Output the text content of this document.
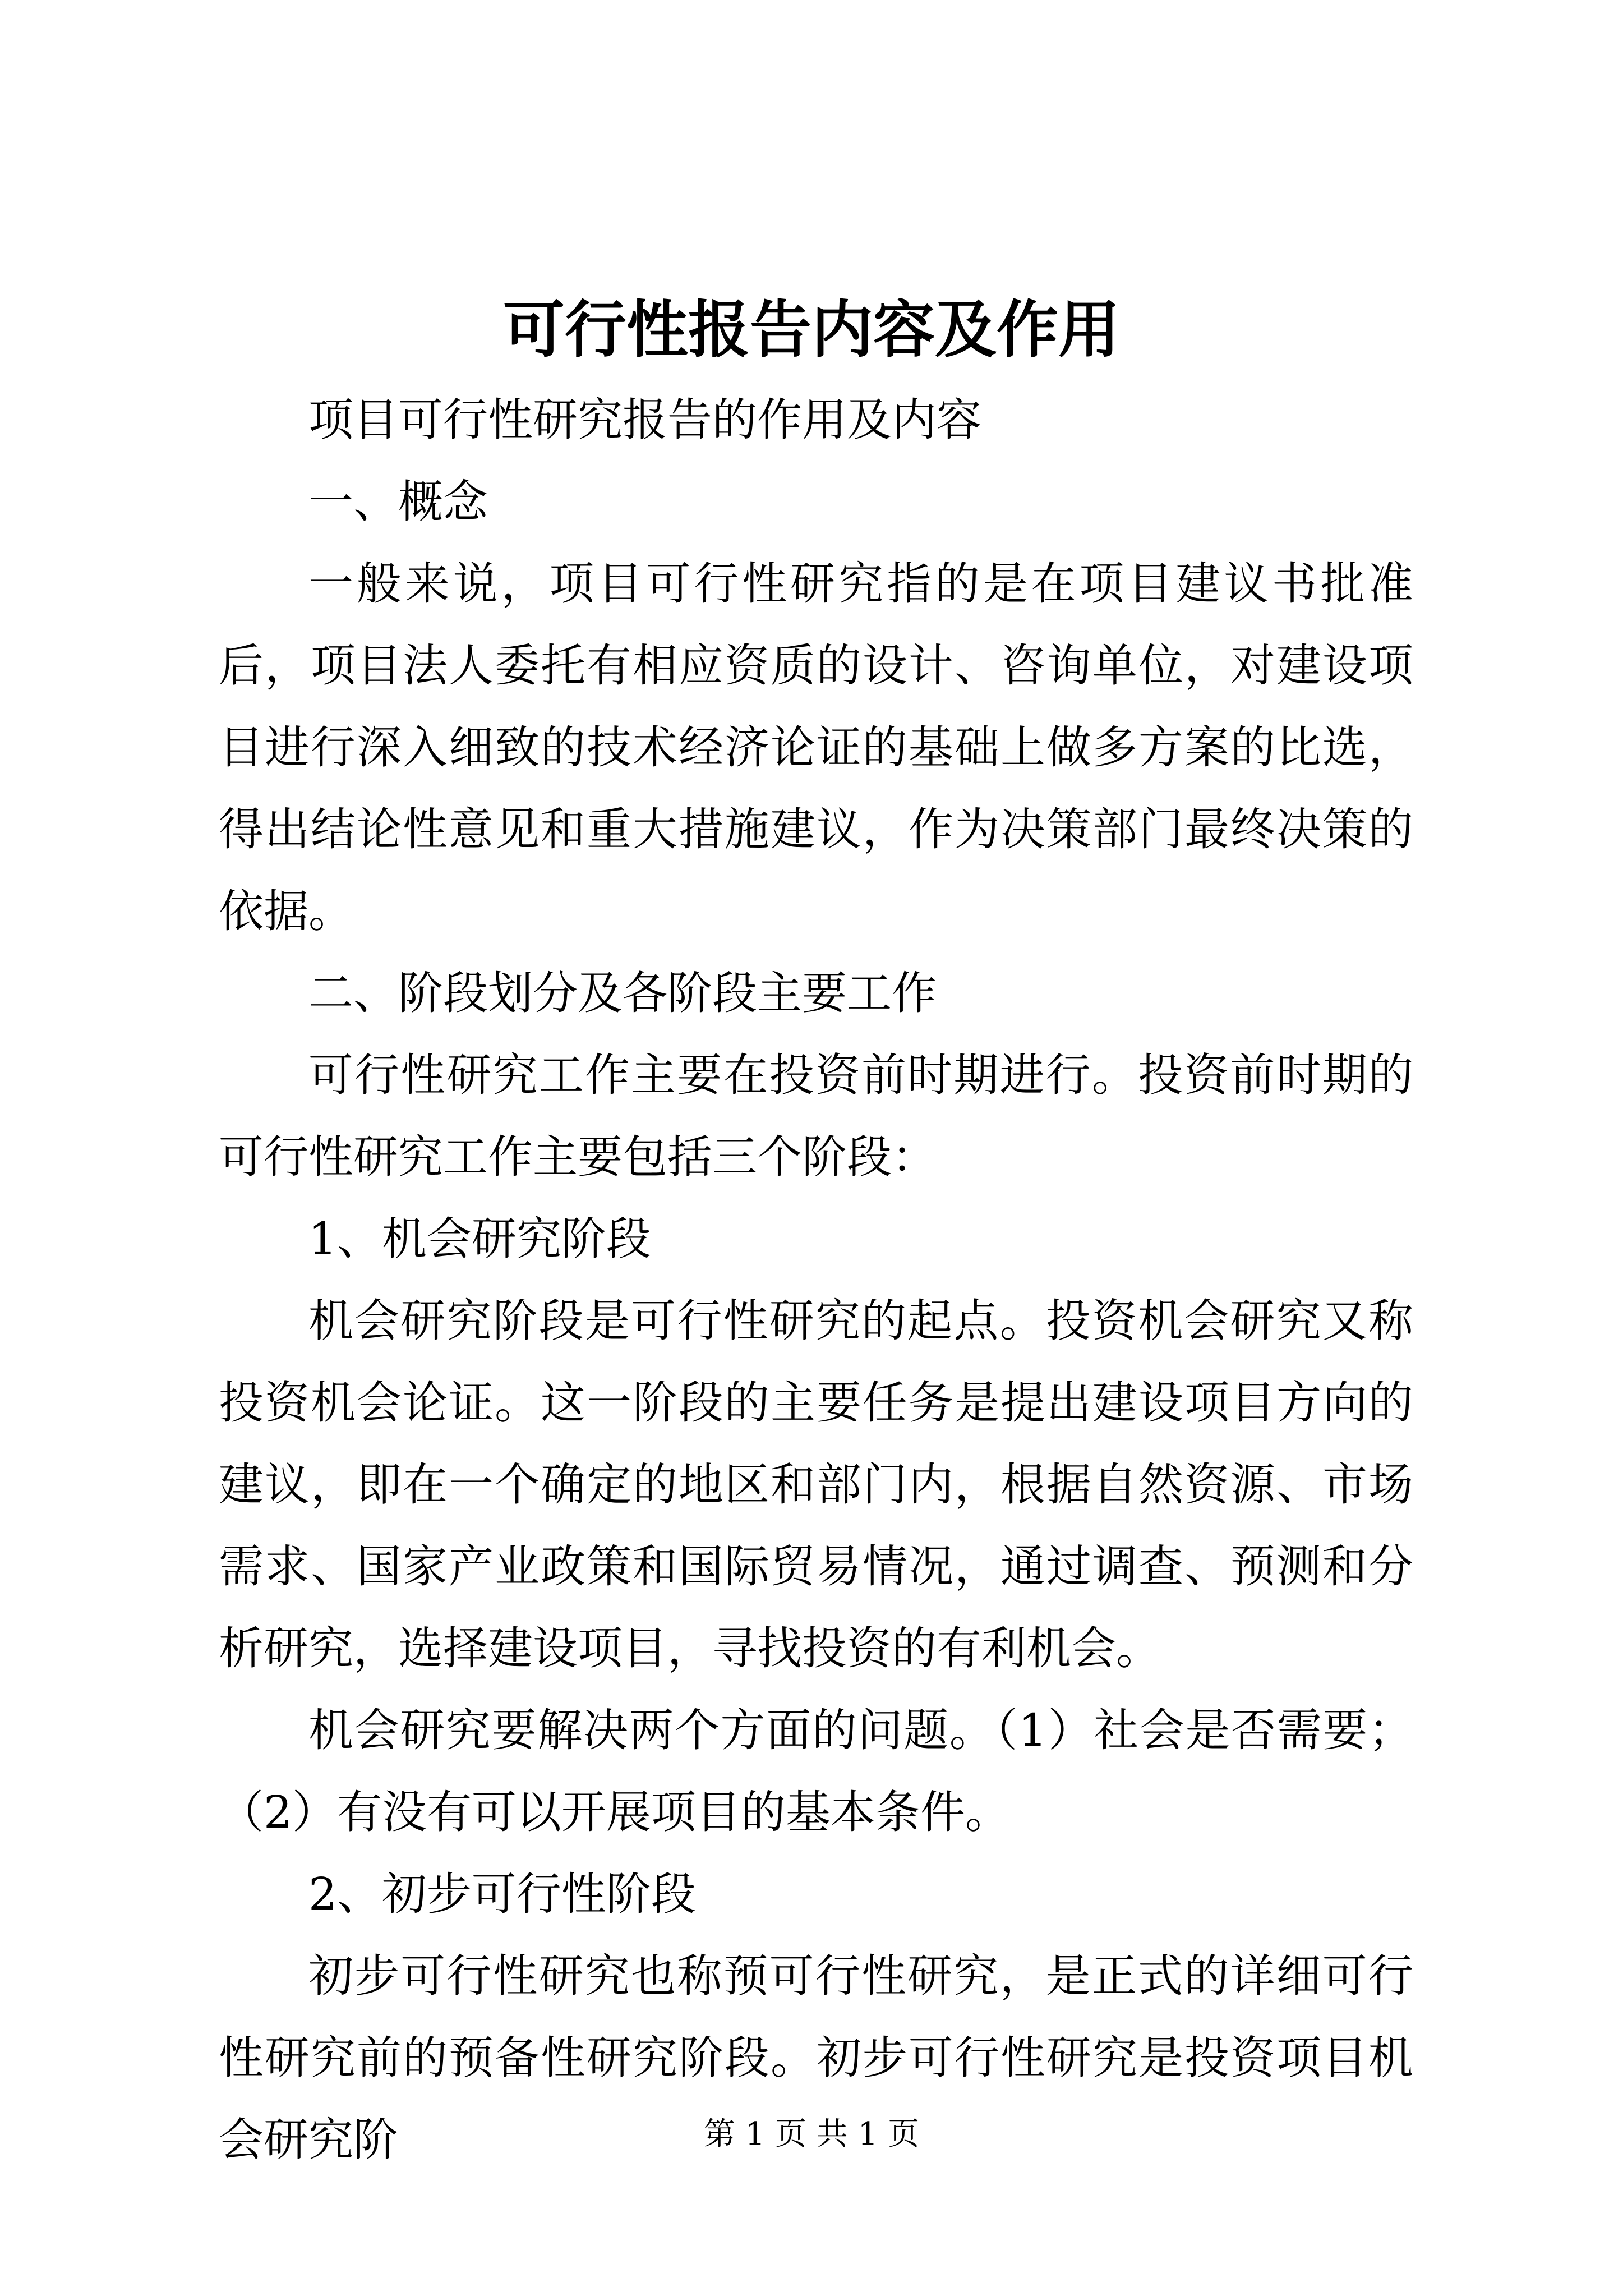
可行性报告内容及作用

项目可行性研究报告的作用及内容

一、概念

一般来说，项目可行性研究指的是在项目建议书批准后，项目法人委托有相应资质的设计、咨询单位，对建设项目进行深入细致的技术经济论证的基础上做多方案的比选，得出结论性意见和重大措施建议，作为决策部门最终决策的依据。

二、阶段划分及各阶段主要工作

可行性研究工作主要在投资前时期进行。投资前时期的可行性研究工作主要包括三个阶段：

1、机会研究阶段

机会研究阶段是可行性研究的起点。投资机会研究又称投资机会论证。这一阶段的主要任务是提出建设项目方向的建议，即在一个确定的地区和部门内，根据自然资源、市场需求、国家产业政策和国际贸易情况，通过调查、预测和分析研究，选择建设项目，寻找投资的有利机会。

机会研究要解决两个方面的问题。（1）社会是否需要；（2）有没有可以开展项目的基本条件。

2、初步可行性阶段

初步可行性研究也称预可行性研究，是正式的详细可行性研究前的预备性研究阶段。初步可行性研究是投资项目机会研究阶	第 1 页 共 1 页
